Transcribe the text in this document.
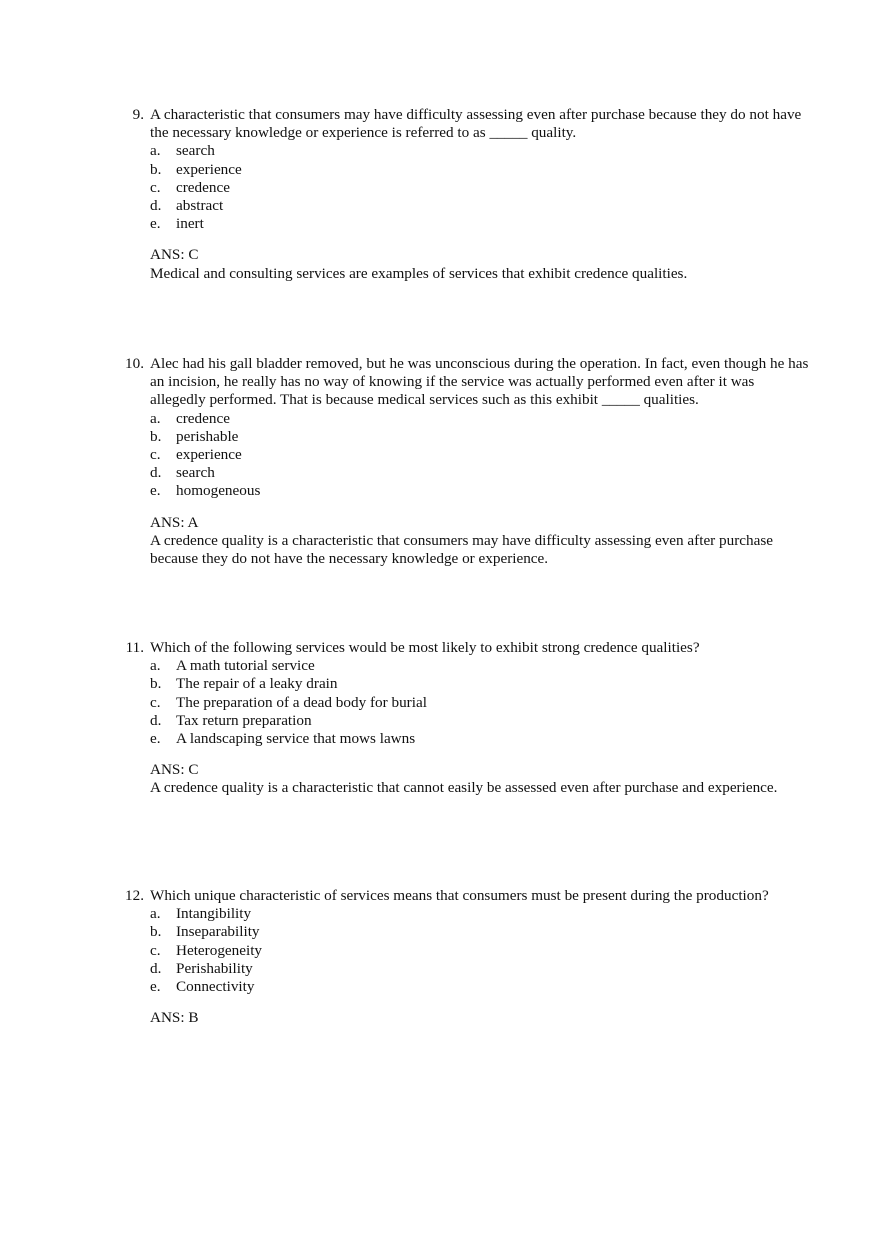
9. A characteristic that consumers may have difficulty assessing even after purchase because they do not have the necessary knowledge or experience is referred to as _____ quality.

a. search
b. experience
c. credence
d. abstract
e. inert
ANS: C

Medical and consulting services are examples of services that exhibit credence qualities.

10. Alec had his gall bladder removed, but he was unconscious during the operation. In fact, even though he has an incision, he really has no way of knowing if the service was actually performed even after it was allegedly performed. That is because medical services such as this exhibit _____ qualities.

a. credence
b. perishable
c. experience
d. search
e. homogeneous
ANS: A

A credence quality is a characteristic that consumers may have difficulty assessing even after purchase because they do not have the necessary knowledge or experience.

11. Which of the following services would be most likely to exhibit strong credence qualities?

a. A math tutorial service
b. The repair of a leaky drain
c. The preparation of a dead body for burial
d. Tax return preparation
e. A landscaping service that mows lawns
ANS: C

A credence quality is a characteristic that cannot easily be assessed even after purchase and experience.

12. Which unique characteristic of services means that consumers must be present during the production?

a. Intangibility
b. Inseparability
c. Heterogeneity
d. Perishability
e. Connectivity
ANS: B
